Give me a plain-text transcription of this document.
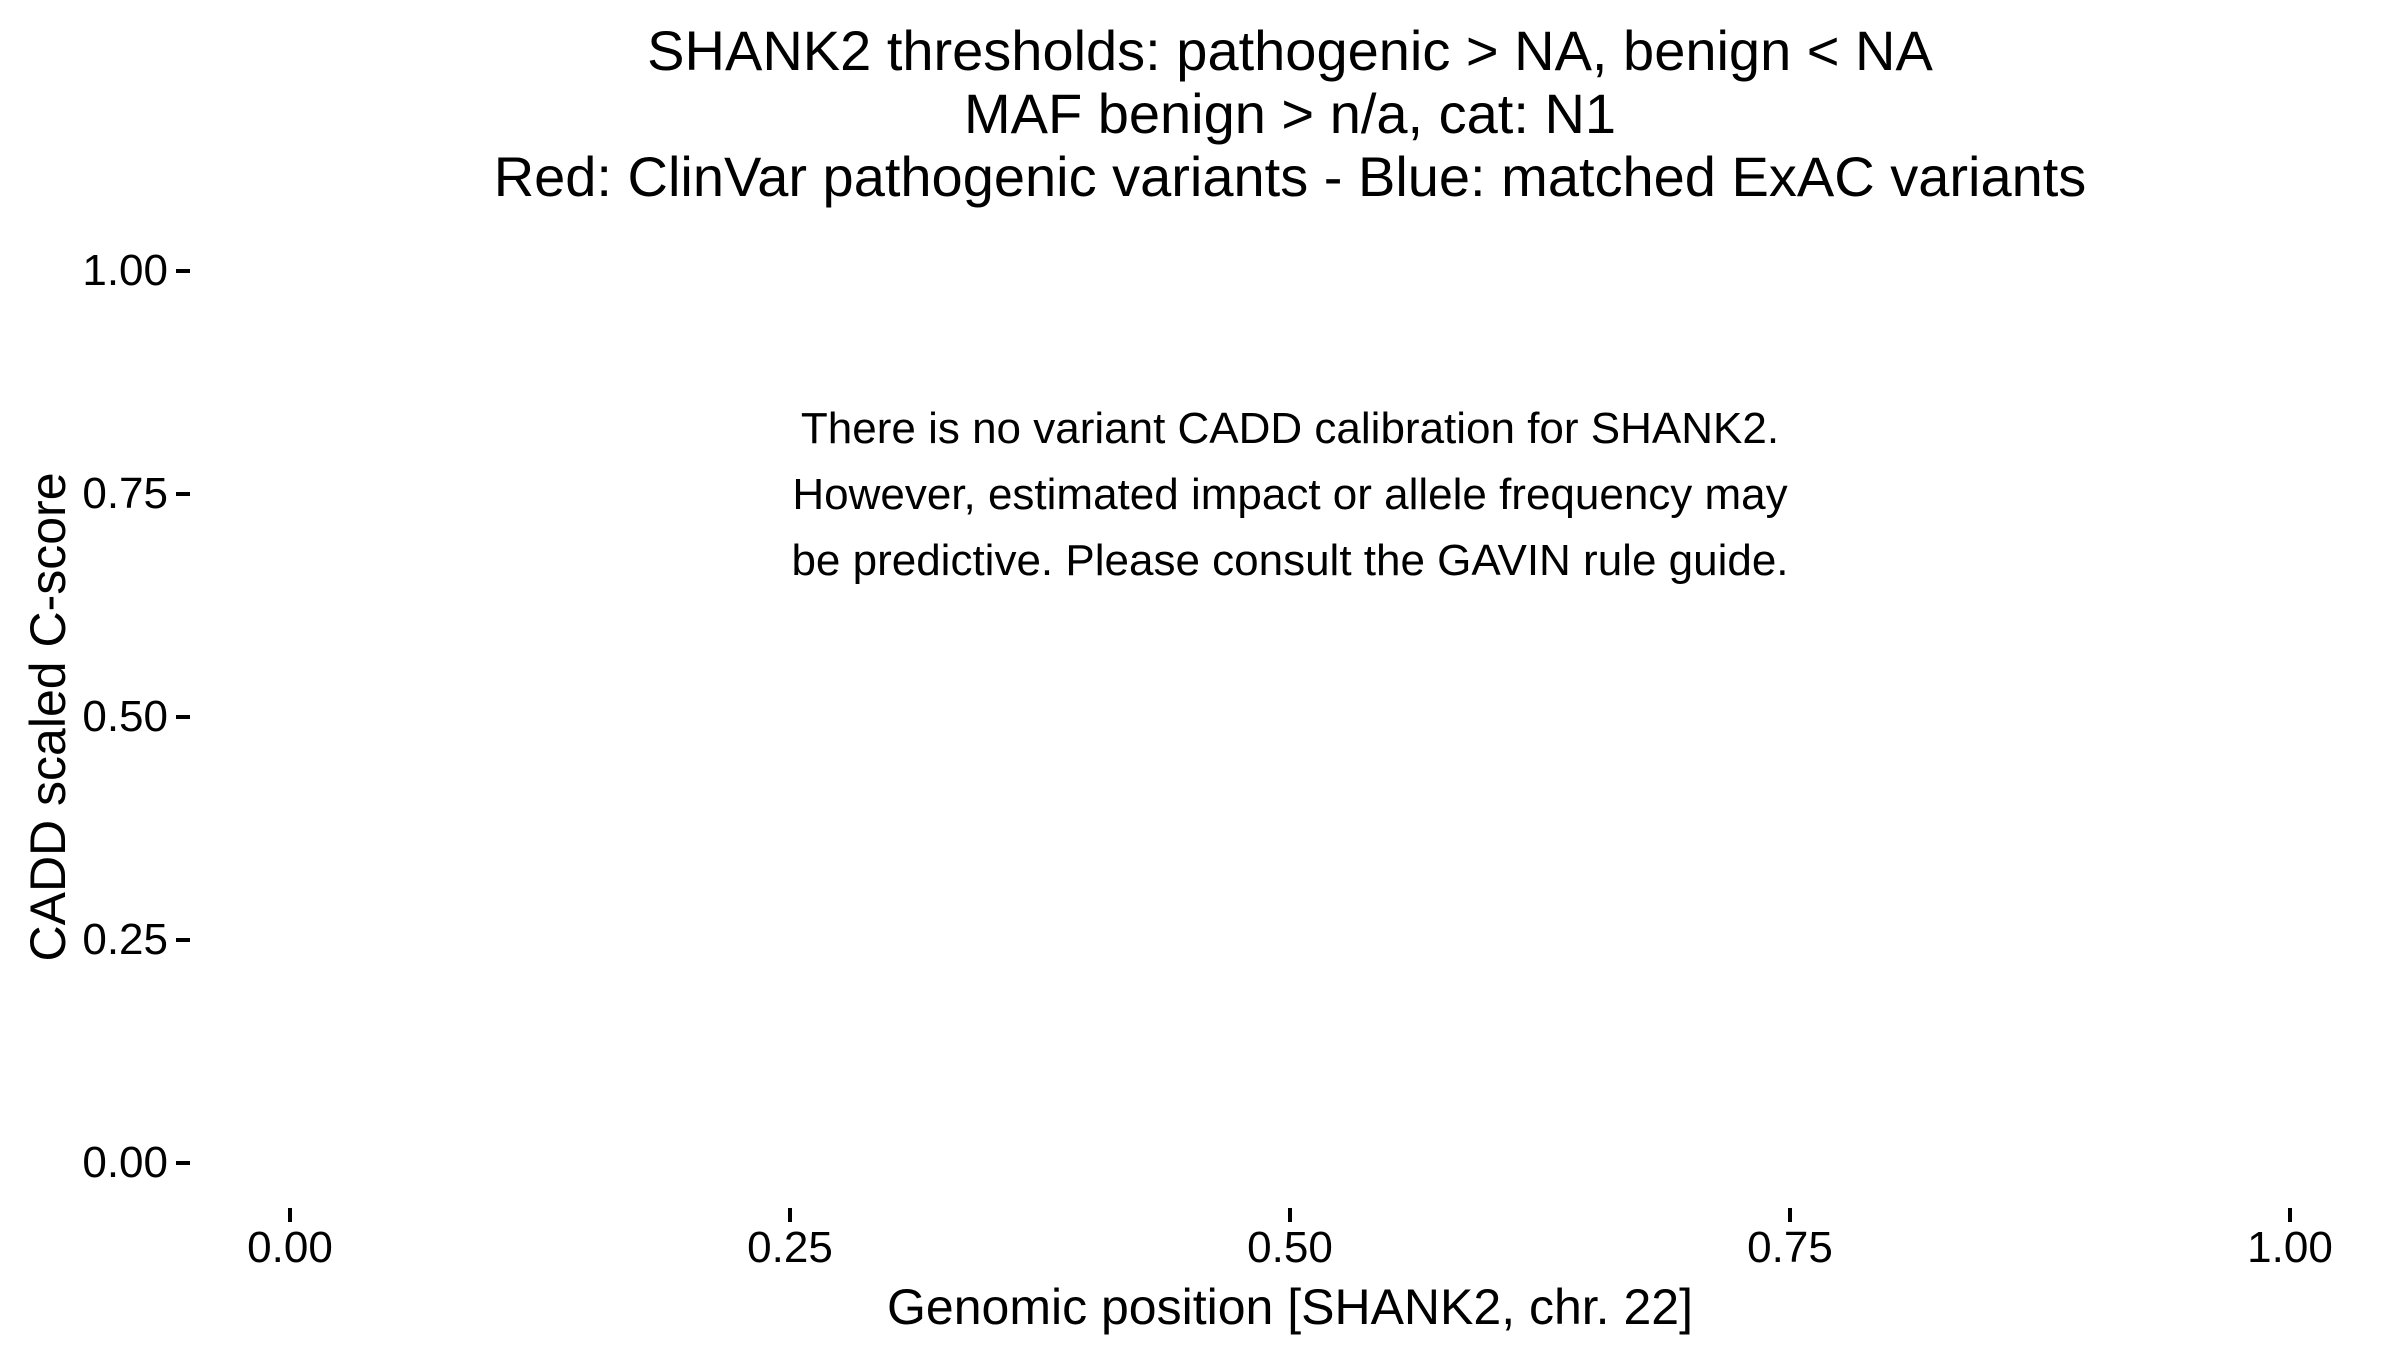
SHANK2 thresholds: pathogenic > NA, benign < NA
MAF benign > n/a, cat: N1
Red: ClinVar pathogenic variants - Blue: matched ExAC variants
There is no variant CADD calibration for SHANK2.
However, estimated impact or allele frequency may
be predictive. Please consult the GAVIN rule guide.
1.00
0.75
0.50
0.25
0.00
0.00	0.25	0.50	0.75	1.00
Genomic position [SHANK2, chr. 22]
CADD scaled C-score
